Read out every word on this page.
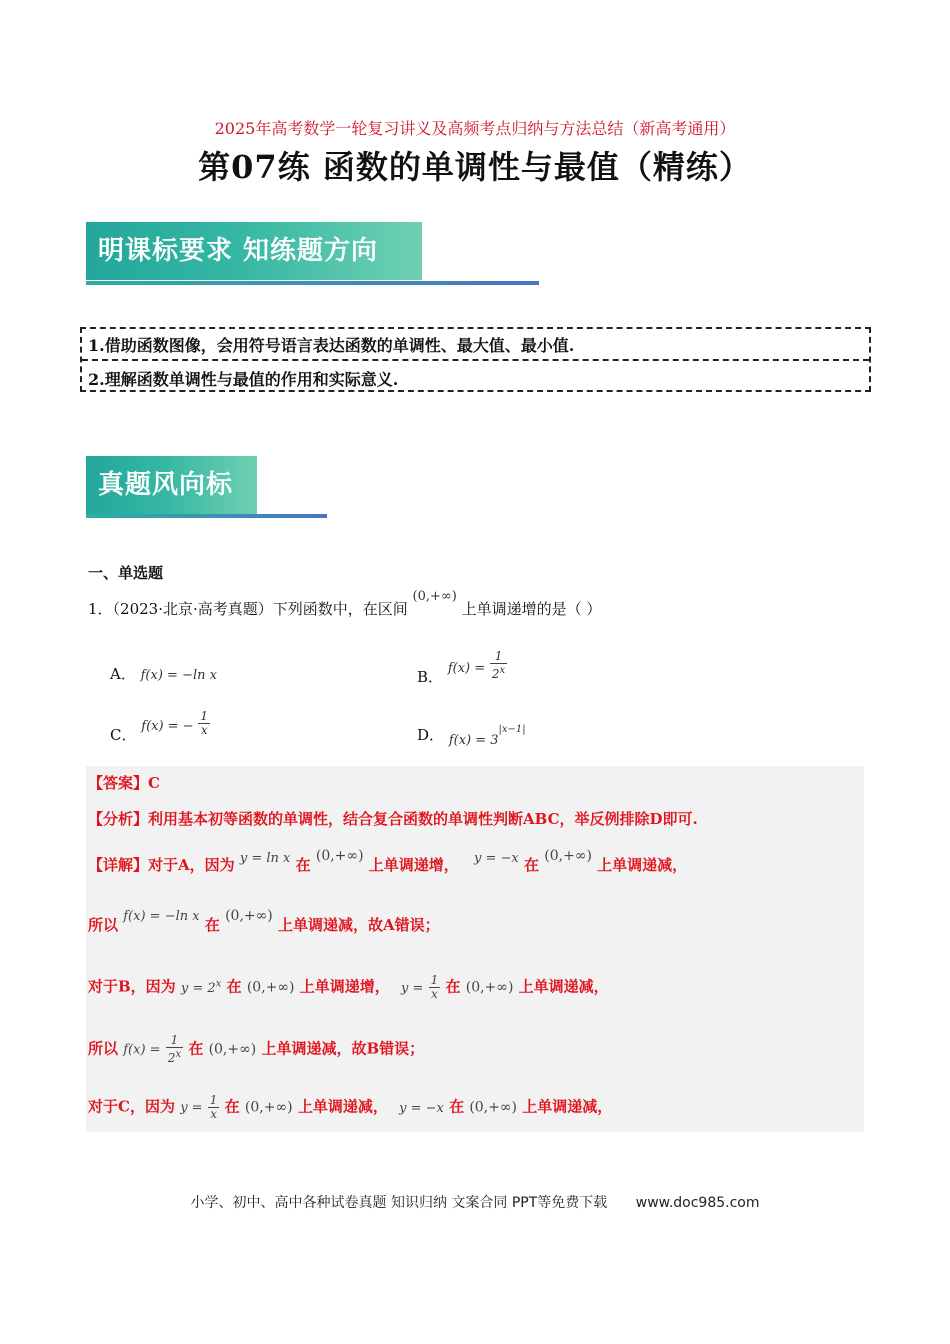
2025年高考数学一轮复习讲义及高频考点归纳与方法总结（新高考通用）
第07练 函数的单调性与最值（精练）
明课标要求 知练题方向
1.借助函数图像，会用符号语言表达函数的单调性、最大值、最小值.
2.理解函数单调性与最值的作用和实际意义.
真题风向标
一、单选题
1．（2023·北京·高考真题）下列函数中，在区间 (0,+∞) 上单调递增的是（ ）
A． f(x) = −ln x	B． $f(x) = \frac{1}{2^x}$
C． f(x) = − $\frac{1}{x}$	D． $f(x) = 3^{|x-1|}$
【答案】C
【分析】利用基本初等函数的单调性，结合复合函数的单调性判断ABC，举反例排除D即可.
【详解】对于A，因为 y = ln x 在 (0,+∞) 上单调递增， y = −x 在 (0,+∞) 上单调递减，
所以 f(x) = −ln x 在 (0,+∞) 上单调递减，故A错误；
对于B，因为 $y = 2^x$ 在 (0,+∞) 上单调递增， $y = \frac{1}{x}$ 在 (0,+∞) 上单调递减，
所以 $f(x) = \frac{1}{2^x}$ 在 (0,+∞) 上单调递减，故B错误；
对于C，因为 $y = \frac{1}{x}$ 在 (0,+∞) 上单调递减， y = −x 在 (0,+∞) 上单调递减，
小学、初中、高中各种试卷真题 知识归纳 文案合同 PPT等免费下载 www.doc985.com
